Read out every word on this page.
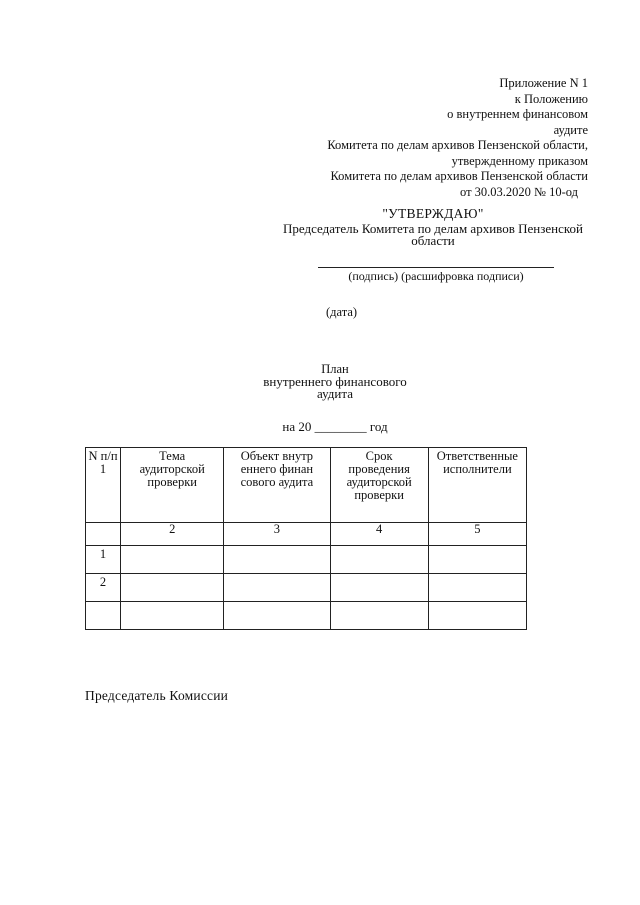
Приложение N 1
к Положению
о внутреннем финансовом
аудите
Комитета по делам архивов Пензенской области,
утвержденному приказом
Комитета по делам архивов Пензенской области
от 30.03.2020 № 10-од
"УТВЕРЖДАЮ"
Председатель Комитета по делам архивов Пензенской области
(подпись) (расшифровка подписи)
(дата)
План
внутреннего финансового
аудита
на 20 ________ год
N п/п 1	Тема аудиторской проверки	Объект внутреннего финансового аудита	Срок проведения аудиторской проверки	Ответственные исполнители
	2	3	4	5
1				
2				

Председатель Комиссии
